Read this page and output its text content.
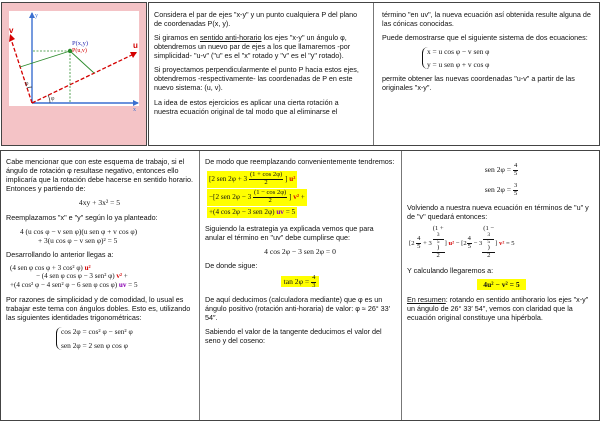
P(x,y)
P(u,v)
v
u
y
x
φ
φ

Considera el par de ejes "x-y" y un punto cualquiera P del plano de coordenadas P(x, y).

Si giramos en sentido anti-horario los ejes "x-y" un ángulo φ, obtendremos un nuevo par de ejes a los que llamaremos -por simplicidad- "u-v" ("u" es el "x" rotado y "v" es el "y" rotado).

Si proyectamos perpendicularmente el punto P hacia estos ejes, obtendremos -respectivamente- las coordenadas de P en este nuevo sistema: (u, v).

La idea de estos ejercicios es aplicar una cierta rotación a nuestra ecuación original de tal modo que al eliminarse el

término "en uv", la nueva ecuación así obtenida resulte alguna de las cónicas conocidas.

Puede demostrarse que el siguiente sistema de dos ecuaciones:

x = u cos φ − v sen φ
y = u sen φ + v cos φ

permite obtener las nuevas coordenadas "u-v" a partir de las originales "x-y".

Cabe mencionar que con este esquema de trabajo, si el ángulo de rotación φ resultase negativo, entonces ello implicaría que la rotación debe hacerse en sentido horario. Entonces y partiendo de:

4xy + 3x² = 5

Reemplazamos "x" e "y" según lo ya planteado:

4 (u cos φ − v sen φ)(u sen φ + v cos φ)
+ 3(u cos φ − v sen φ)² = 5

Desarrollando lo anterior llegas a:

(4 sen φ cos φ + 3 cos² φ) u²
− (4 sen φ cos φ − 3 sen² φ) v² +
+(4 cos² φ − 4 sen² φ − 6 sen φ cos φ) uv = 5

Por razones de simplicidad y de comodidad, lo usual es trabajar este tema con ángulos dobles. Esto es, utilizando las siguientes identidades trigonométricas:

cos 2φ = cos² φ − sen² φ
sen 2φ = 2 sen φ cos φ

De modo que reemplazando convenientemente tendremos:

[2 sen $2\varphi + 3 \frac{(1 + \cos 2\varphi)}{2}$ ] u²
−[2 sen $2\varphi - 3 \frac{(1 - \cos 2\varphi)}{2}$ ] v² +
+(4 cos 2φ − 3 sen 2φ) uv = 5

Siguiendo la estrategia ya explicada vemos que para anular el término en "uv" debe cumplirse que:

4 cos 2φ − 3 sen 2φ = 0

De donde sigue:

$\tan 2\varphi = \frac{4}{3}$

De aquí deducimos (calculadora mediante) que φ es un ángulo positivo (rotación anti-horaria) de valor: φ ≈ 26° 33′ 54″.

Sabiendo el valor de la tangente deducimos el valor del seno y del coseno:

sen $2\varphi = \frac{4}{5}$
sen $2\varphi = \frac{3}{5}$

Volviendo a nuestra nueva ecuación en términos de "u" y de "v" quedará entonces:

[$2 \frac{4}{5} + 3$ (1 +
3
5
)
2 ] $u^2 - [2 \frac{4}{5} - 3$ (1 −
3
5
)
2 ] v² = 5

Y calculando llegaremos a:

4u² − v² = 5

En resumen: rotando en sentido antihorario los ejes "x-y" un ángulo de 26° 33′ 54″, vemos con claridad que la ecuación original constituye una hipérbola.
